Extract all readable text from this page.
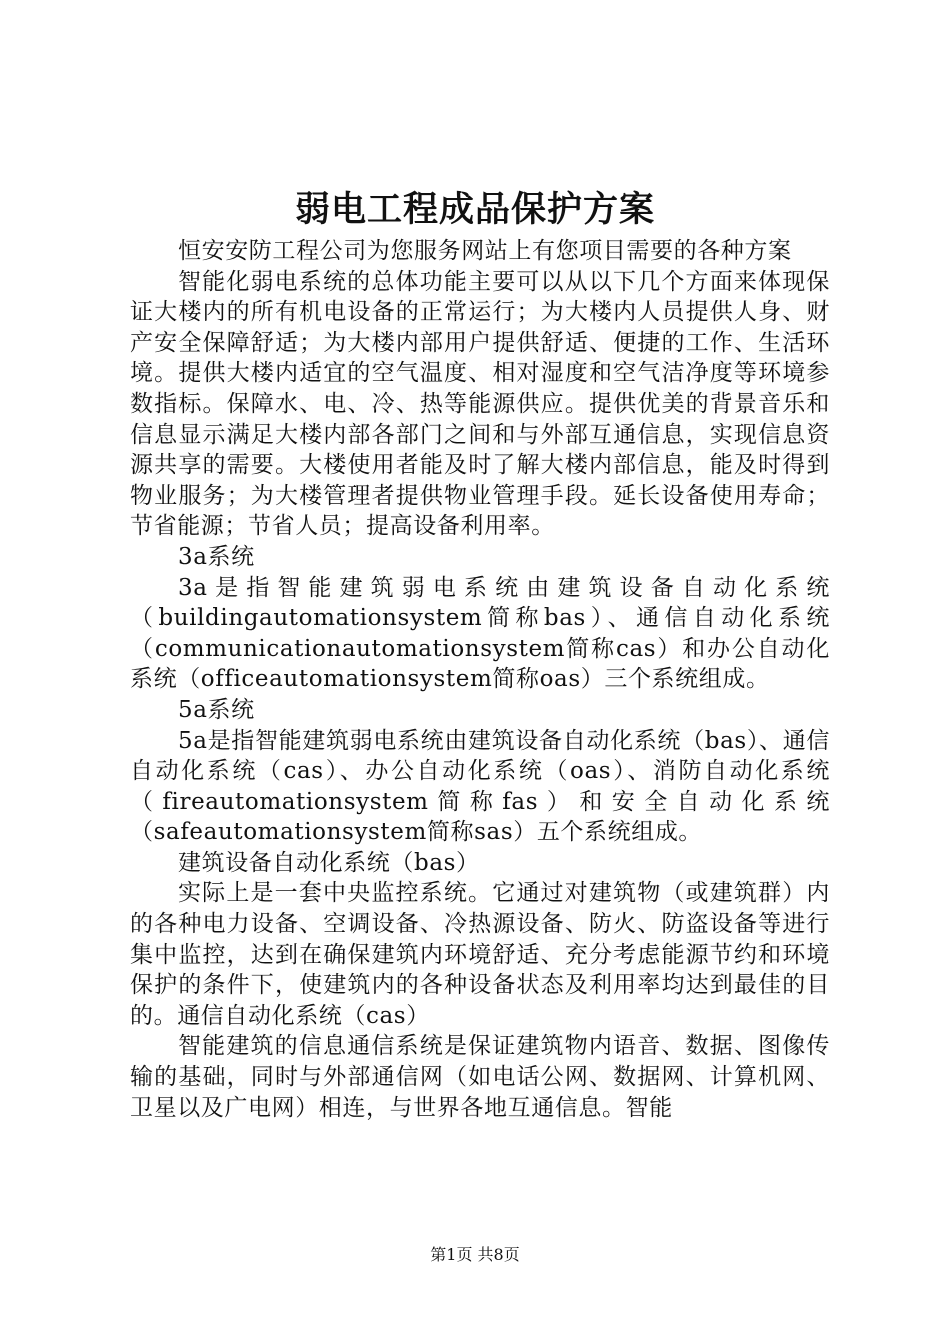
弱电工程成品保护方案

恒安安防工程公司为您服务网站上有您项目需要的各种方案

智能化弱电系统的总体功能主要可以从以下几个方面来体现保证大楼内的所有机电设备的正常运行；为大楼内人员提供人身、财产安全保障舒适；为大楼内部用户提供舒适、便捷的工作、生活环境。提供大楼内适宜的空气温度、相对湿度和空气洁净度等环境参数指标。保障水、电、冷、热等能源供应。提供优美的背景音乐和信息显示满足大楼内部各部门之间和与外部互通信息，实现信息资源共享的需要。大楼使用者能及时了解大楼内部信息，能及时得到物业服务；为大楼管理者提供物业管理手段。延长设备使用寿命；节省能源；节省人员；提高设备利用率。

3a系统

3a是指智能建筑弱电系统由建筑设备自动化系统（buildingautomationsystem简称bas）、通信自动化系统（communicationautomationsystem简称cas）和办公自动化系统（officeautomationsystem简称oas）三个系统组成。

5a系统

5a是指智能建筑弱电系统由建筑设备自动化系统（bas）、通信自动化系统（cas）、办公自动化系统（oas）、消防自动化系统（fireautomationsystem简称fas）和安全自动化系统（safeautomationsystem简称sas）五个系统组成。

建筑设备自动化系统（bas）

实际上是一套中央监控系统。它通过对建筑物（或建筑群）内的各种电力设备、空调设备、冷热源设备、防火、防盗设备等进行集中监控，达到在确保建筑内环境舒适、充分考虑能源节约和环境保护的条件下，使建筑内的各种设备状态及利用率均达到最佳的目的。通信自动化系统（cas）

智能建筑的信息通信系统是保证建筑物内语音、数据、图像传输的基础，同时与外部通信网（如电话公网、数据网、计算机网、卫星以及广电网）相连，与世界各地互通信息。智能

第1页 共8页
